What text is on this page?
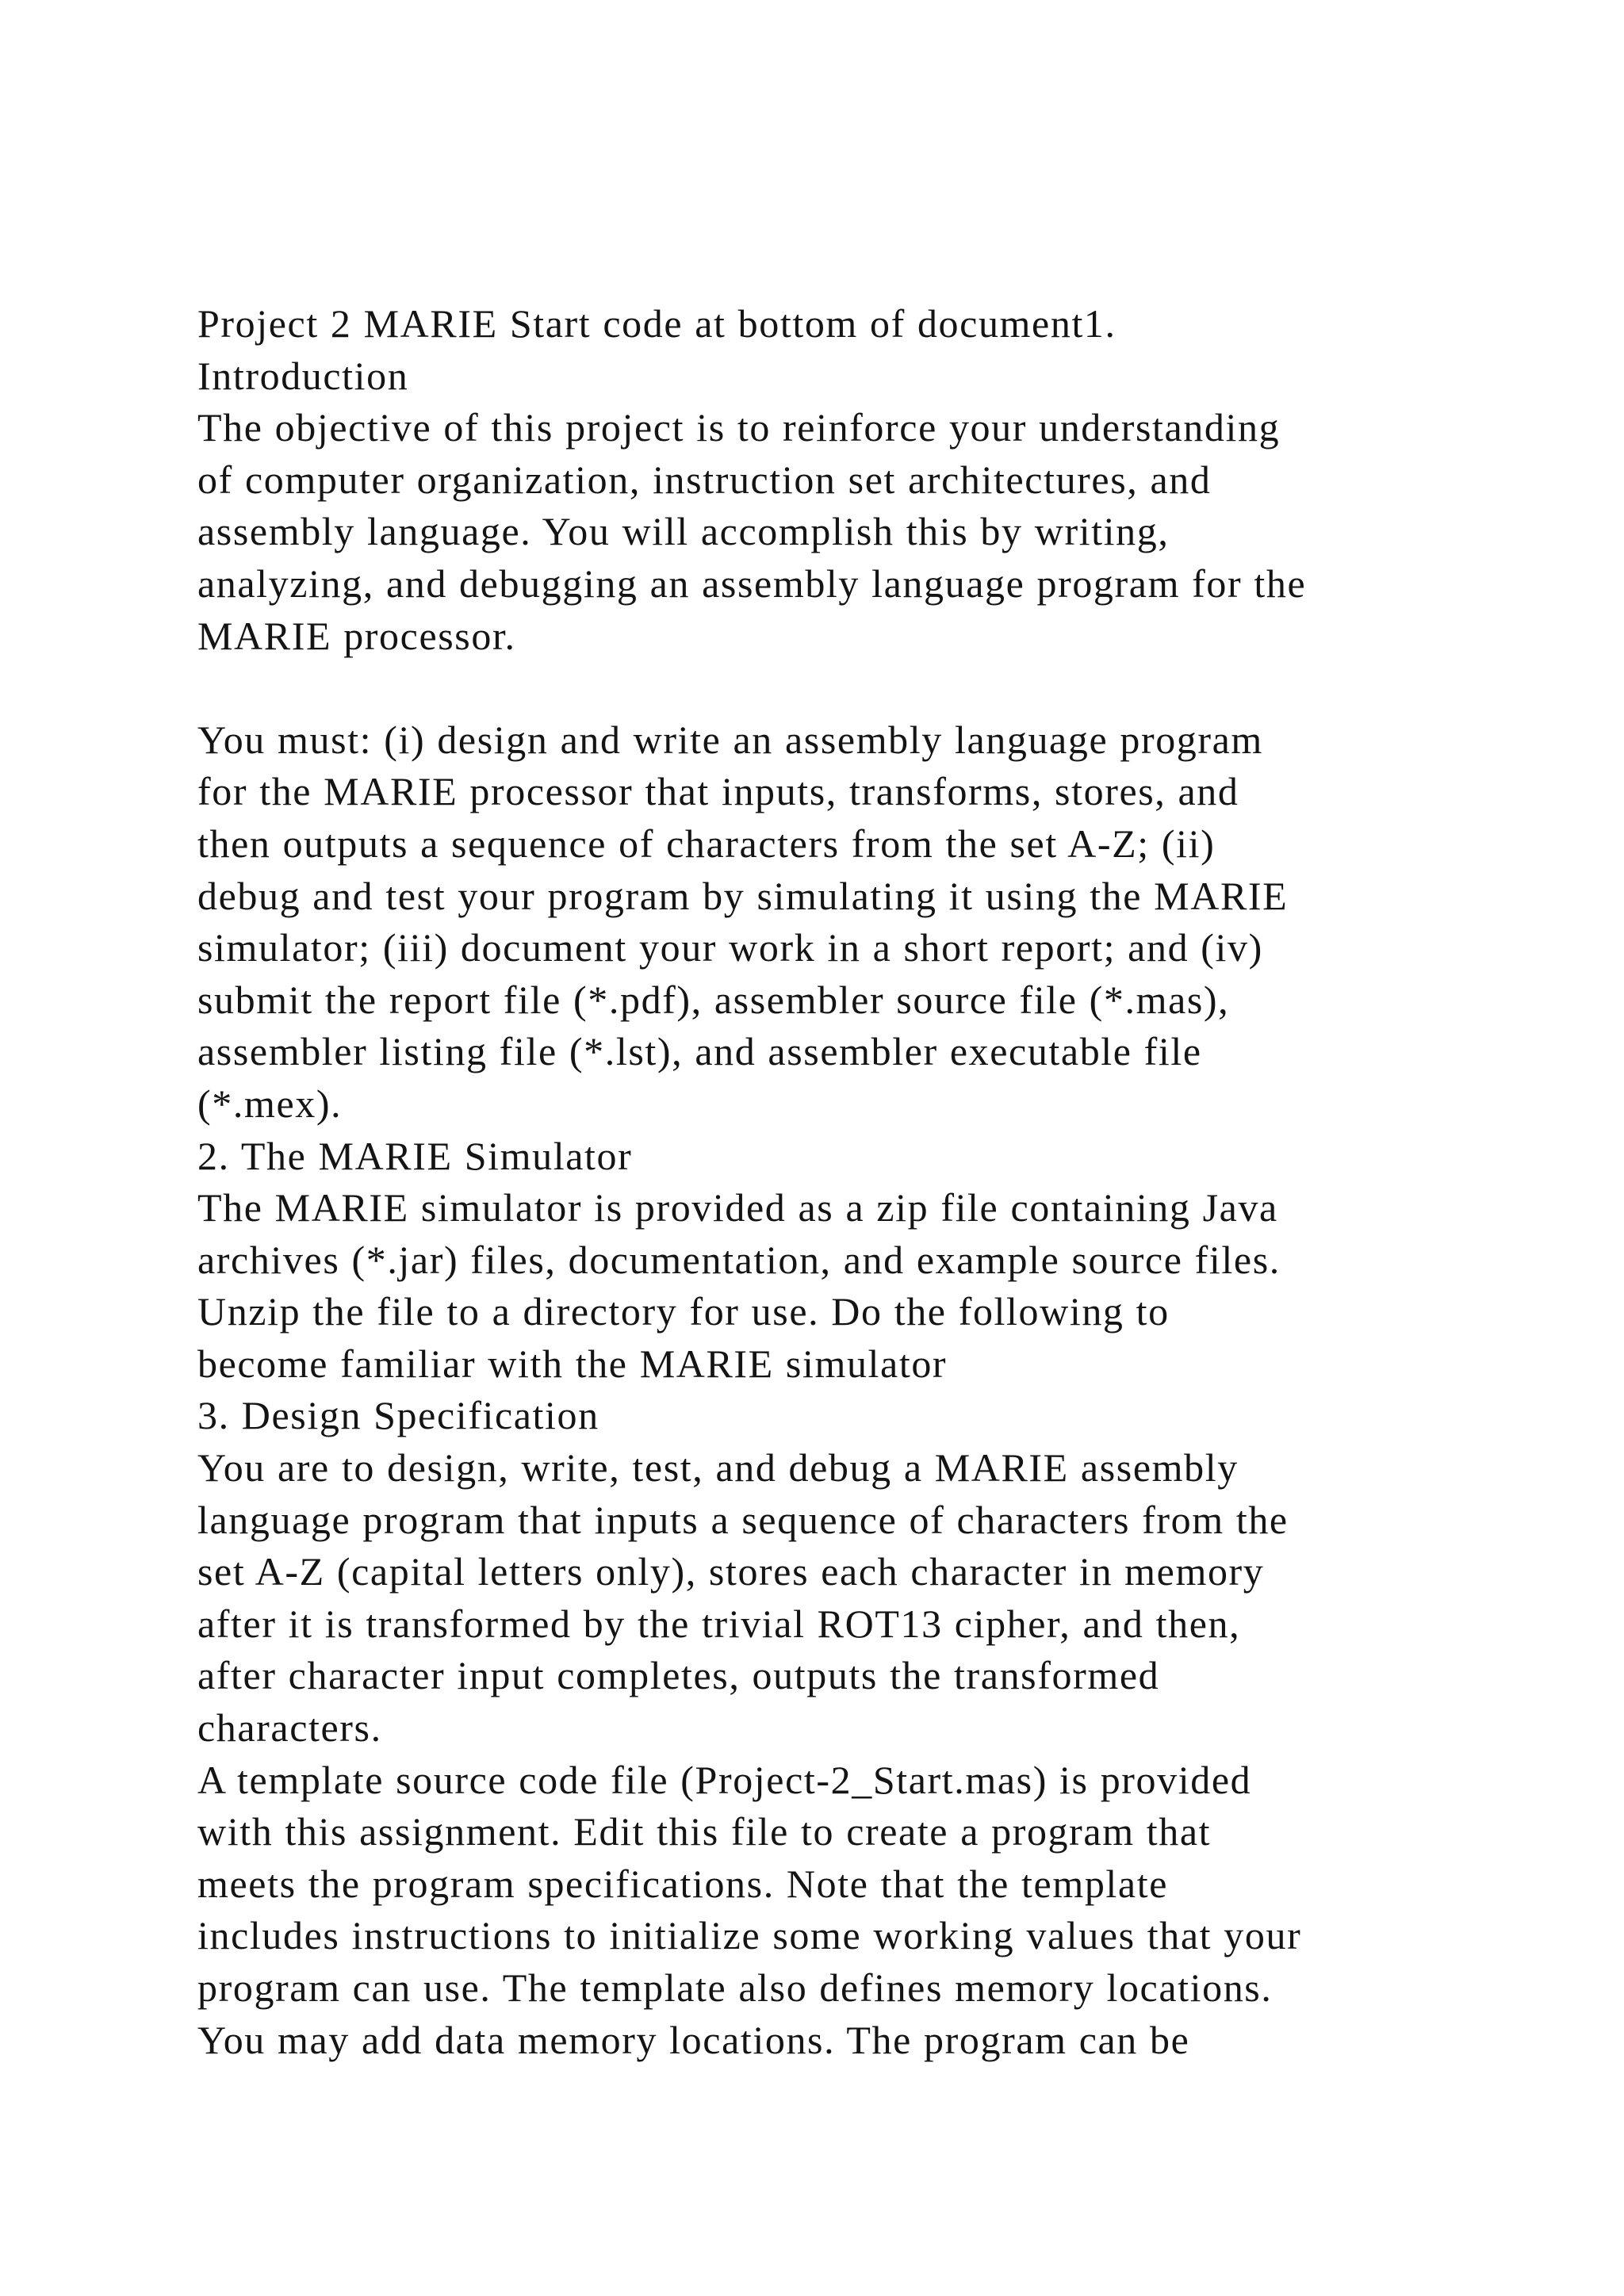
Project 2 MARIE Start code at bottom of document1.
Introduction
The objective of this project is to reinforce your understanding
of computer organization, instruction set architectures, and
assembly language. You will accomplish this by writing,
analyzing, and debugging an assembly language program for the
MARIE processor.
You must: (i) design and write an assembly language program
for the MARIE processor that inputs, transforms, stores, and
then outputs a sequence of characters from the set A-Z; (ii)
debug and test your program by simulating it using the MARIE
simulator; (iii) document your work in a short report; and (iv)
submit the report file (*.pdf), assembler source file (*.mas),
assembler listing file (*.lst), and assembler executable file
(*.mex).
2. The MARIE Simulator
The MARIE simulator is provided as a zip file containing Java
archives (*.jar) files, documentation, and example source files.
Unzip the file to a directory for use. Do the following to
become familiar with the MARIE simulator
3. Design Specification
You are to design, write, test, and debug a MARIE assembly
language program that inputs a sequence of characters from the
set A-Z (capital letters only), stores each character in memory
after it is transformed by the trivial ROT13 cipher, and then,
after character input completes, outputs the transformed
characters.
A template source code file (Project-2_Start.mas) is provided
with this assignment. Edit this file to create a program that
meets the program specifications. Note that the template
includes instructions to initialize some working values that your
program can use. The template also defines memory locations.
You may add data memory locations. The program can be
